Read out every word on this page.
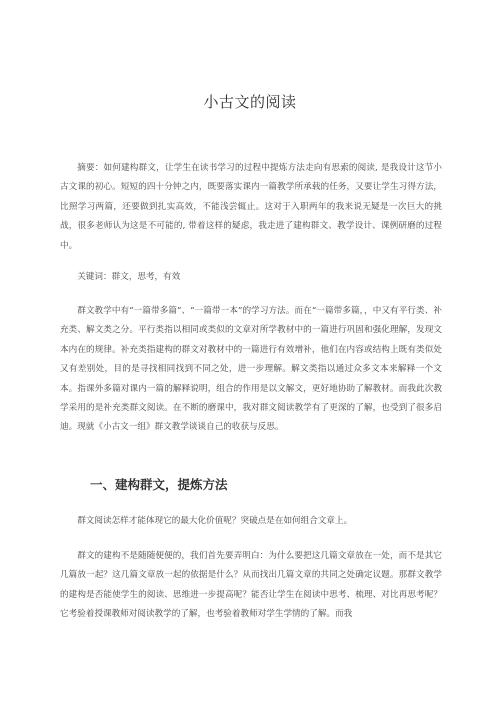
小古文的阅读

摘要：如何建构群文，让学生在读书学习的过程中提炼方法走向有思索的阅读, 是我设计这节小古文课的初心。短短的四十分钟之内，既要落实课内一篇教学所承载的任务，又要让学生习得方法，比照学习两篇，还要做到扎实高效，不能浅尝辄止。这对于入职两年的我来说无疑是一次巨大的挑战，很多老师认为这是不可能的, 带着这样的疑虑，我走进了建构群文、教学设计、课例研磨的过程中。

关键词：群文，思考，有效

群文教学中有“一篇带多篇”、“一篇带一本”的学习方法。而在“一篇带多篇，，中又有平行类、补充类、解文类之分。平行类指以相同或类似的文章对所学教材中的一篇进行巩固和强化理解，发现文本内在的规律。补充类指建构的群文对教材中的一篇进行有效增补，他们在内容或结构上既有类似处又有差别处，目的是寻找相同找到不同之处，进一步理解。解文类指以通过众多文本来解释一个文本。指课外多篇对课内一篇的解释说明，组合的作用是以文解文，更好地协助了解教材。而我此次教学采用的是补充类群文阅读。在不断的磨课中，我对群文阅读教学有了更深的了解，也受到了很多启迪。现就《小古文一组》群文教学谈谈自己的收获与反思。

一、建构群文，提炼方法

群文阅读怎样才能体现它的最大化价值呢？突破点是在如何组合文章上。

群文的建构不是随随便便的，我们首先要弄明白：为什么要把这几篇文章放在一处，而不是其它几篇放一起？这几篇文章放一起的依据是什么？从而找出几篇文章的共同之处确定议题。那群文教学的建构是否能使学生的阅读、思维进一步提高呢？能否让学生在阅读中思考、梳理、对比再思考呢？它考验着授课教师对阅读教学的了解，也考验着教师对学生学情的了解。而我
